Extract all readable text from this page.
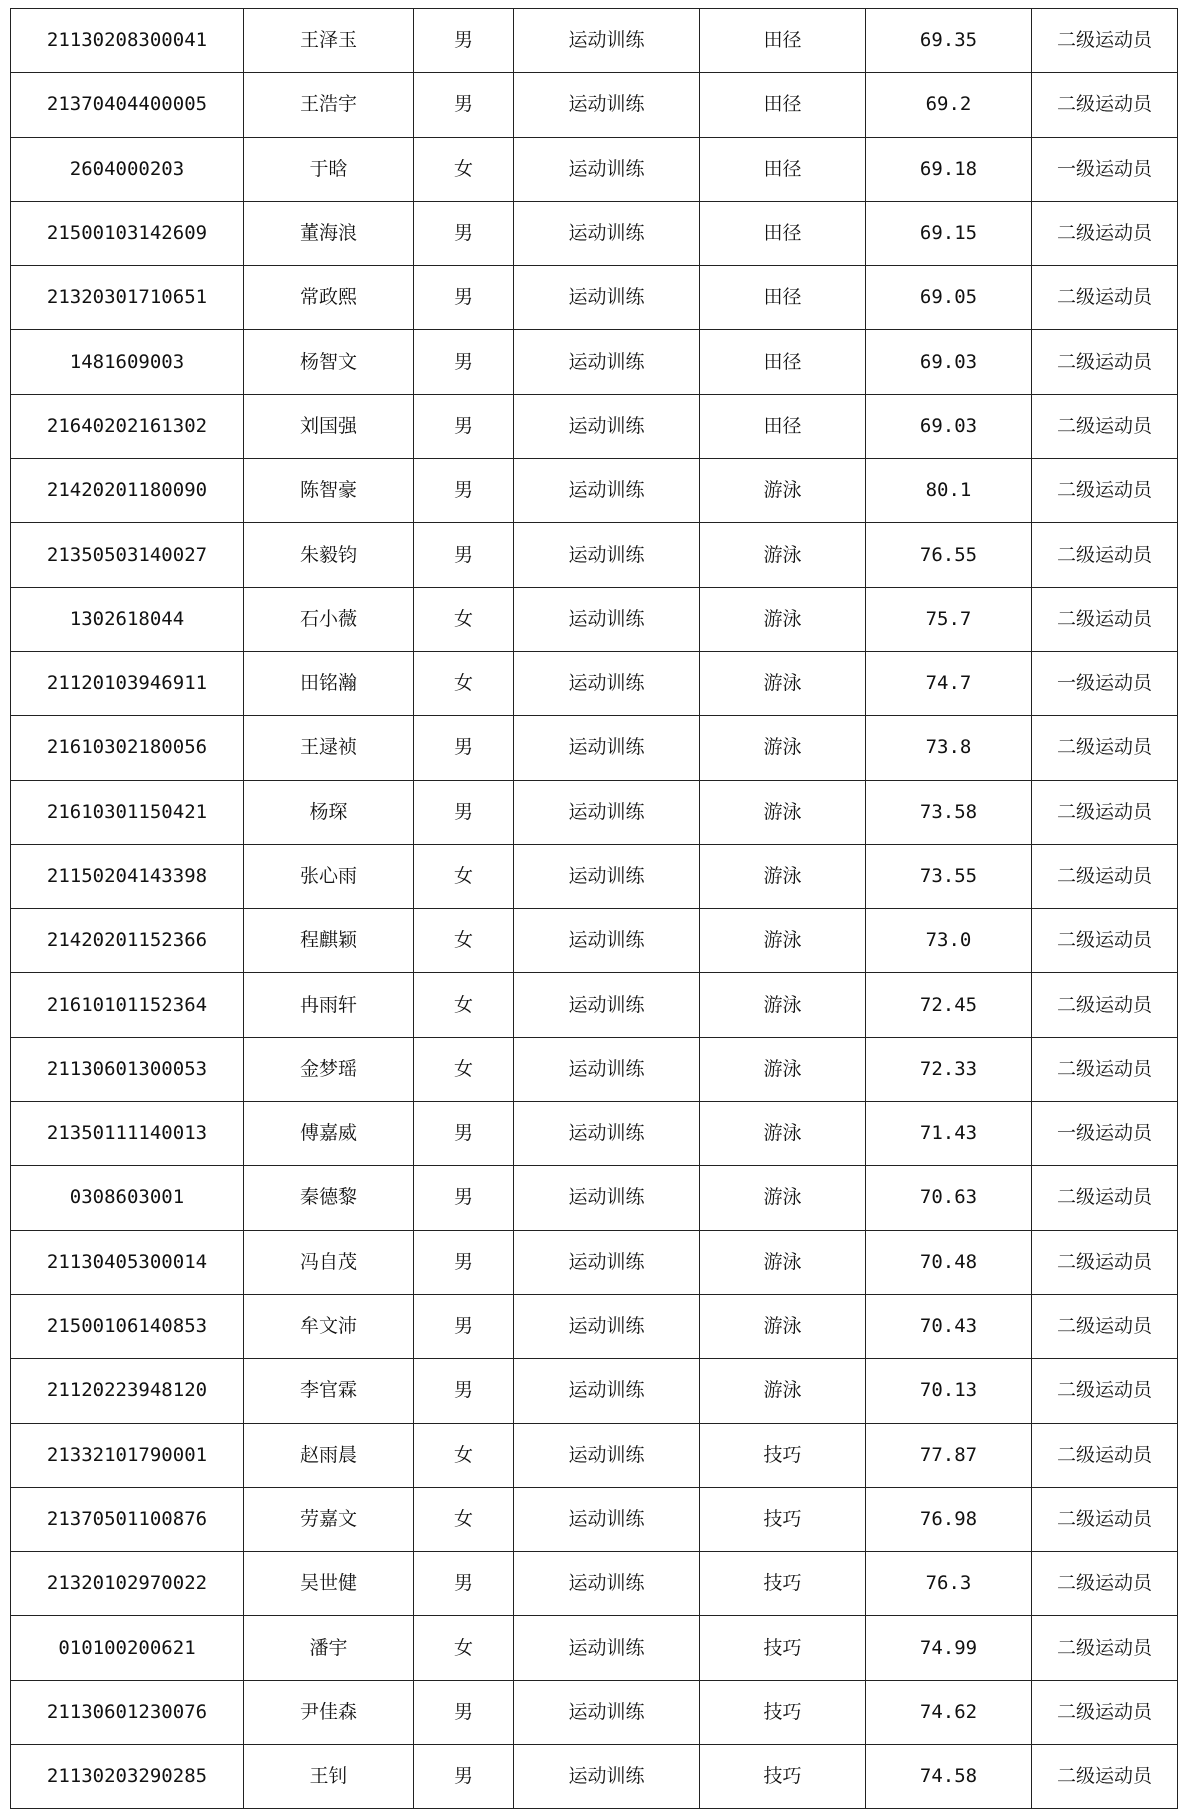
21130208300041	王泽玉	男	运动训练	田径	69.35	二级运动员
21370404400005	王浩宇	男	运动训练	田径	69.2	二级运动员
2604000203	于晗	女	运动训练	田径	69.18	一级运动员
21500103142609	董海浪	男	运动训练	田径	69.15	二级运动员
21320301710651	常政熙	男	运动训练	田径	69.05	二级运动员
1481609003	杨智文	男	运动训练	田径	69.03	二级运动员
21640202161302	刘国强	男	运动训练	田径	69.03	二级运动员
21420201180090	陈智豪	男	运动训练	游泳	80.1	二级运动员
21350503140027	朱毅钧	男	运动训练	游泳	76.55	二级运动员
1302618044	石小薇	女	运动训练	游泳	75.7	二级运动员
21120103946911	田铭瀚	女	运动训练	游泳	74.7	一级运动员
21610302180056	王逯祯	男	运动训练	游泳	73.8	二级运动员
21610301150421	杨琛	男	运动训练	游泳	73.58	二级运动员
21150204143398	张心雨	女	运动训练	游泳	73.55	二级运动员
21420201152366	程麒颖	女	运动训练	游泳	73.0	二级运动员
21610101152364	冉雨轩	女	运动训练	游泳	72.45	二级运动员
21130601300053	金梦瑶	女	运动训练	游泳	72.33	二级运动员
21350111140013	傅嘉威	男	运动训练	游泳	71.43	一级运动员
0308603001	秦德黎	男	运动训练	游泳	70.63	二级运动员
21130405300014	冯自茂	男	运动训练	游泳	70.48	二级运动员
21500106140853	牟文沛	男	运动训练	游泳	70.43	二级运动员
21120223948120	李官霖	男	运动训练	游泳	70.13	二级运动员
21332101790001	赵雨晨	女	运动训练	技巧	77.87	二级运动员
21370501100876	劳嘉文	女	运动训练	技巧	76.98	二级运动员
21320102970022	吴世健	男	运动训练	技巧	76.3	二级运动员
010100200621	潘宇	女	运动训练	技巧	74.99	二级运动员
21130601230076	尹佳森	男	运动训练	技巧	74.62	二级运动员
21130203290285	王钊	男	运动训练	技巧	74.58	二级运动员
